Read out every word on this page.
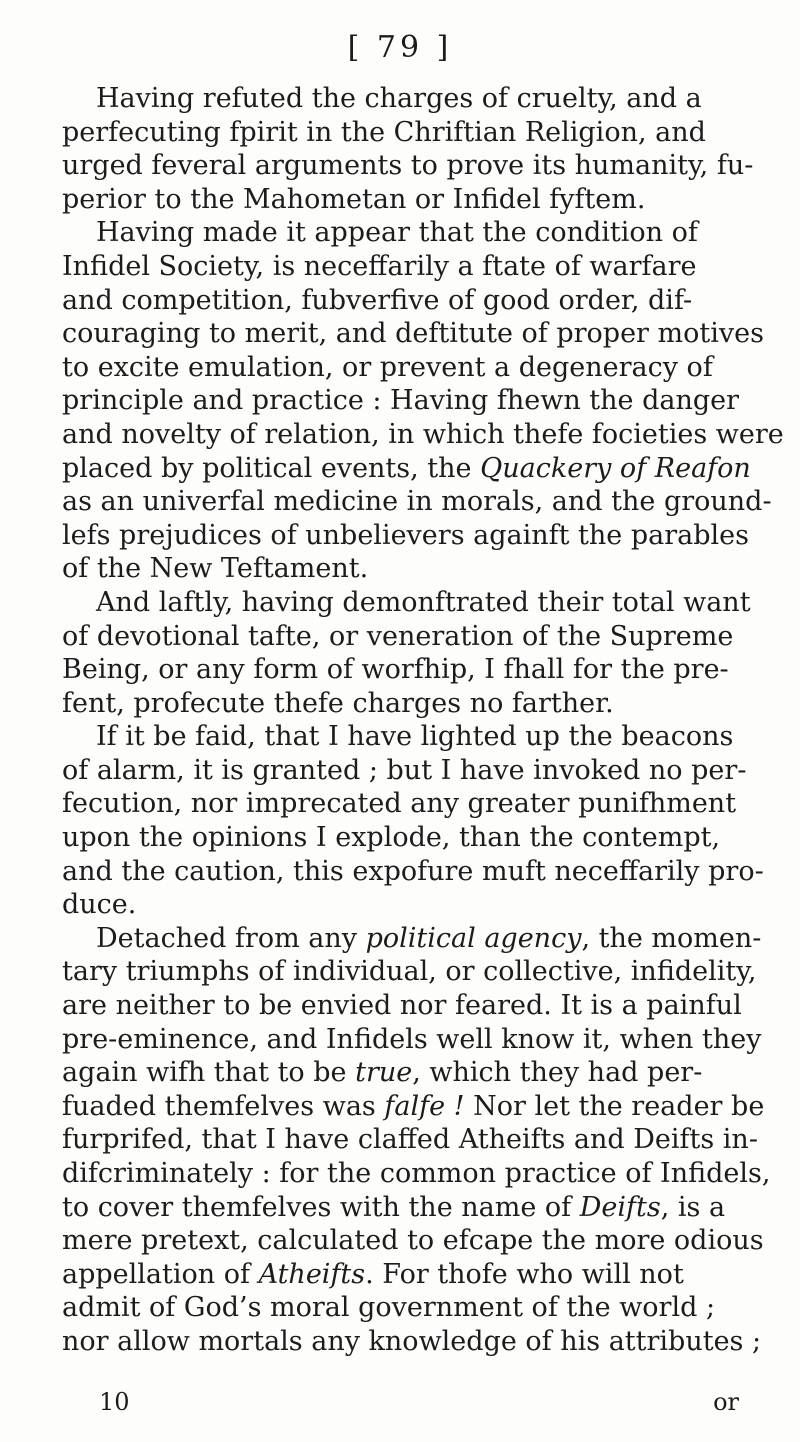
[ 79 ]
Having refuted the charges of cruelty, and a
perfecuting fpirit in the Chriftian Religion, and
urged feveral arguments to prove its humanity, fu-
perior to the Mahometan or Infidel fyftem.
Having made it appear that the condition of
Infidel Society, is neceffarily a ftate of warfare
and competition, fubverfive of good order, dif-
couraging to merit, and deftitute of proper motives
to excite emulation, or prevent a degeneracy of
principle and practice : Having fhewn the danger
and novelty of relation, in which thefe focieties were
placed by political events, the Quackery of Reafon
as an univerfal medicine in morals, and the ground-
lefs prejudices of unbelievers againft the parables
of the New Teftament.
And laftly, having demonftrated their total want
of devotional tafte, or veneration of the Supreme
Being, or any form of worfhip, I fhall for the pre-
fent, profecute thefe charges no farther.
If it be faid, that I have lighted up the beacons
of alarm, it is granted ; but I have invoked no per-
fecution, nor imprecated any greater punifhment
upon the opinions I explode, than the contempt,
and the caution, this expofure muft neceffarily pro-
duce.
Detached from any political agency, the momen-
tary triumphs of individual, or collective, infidelity,
are neither to be envied nor feared. It is a painful
pre-eminence, and Infidels well know it, when they
again wifh that to be true, which they had per-
fuaded themfelves was falfe ! Nor let the reader be
furprifed, that I have claffed Atheifts and Deifts in-
difcriminately : for the common practice of Infidels,
to cover themfelves with the name of Deifts, is a
mere pretext, calculated to efcape the more odious
appellation of Atheifts. For thofe who will not
admit of God’s moral government of the world ;
nor allow mortals any knowledge of his attributes ;
10	or
